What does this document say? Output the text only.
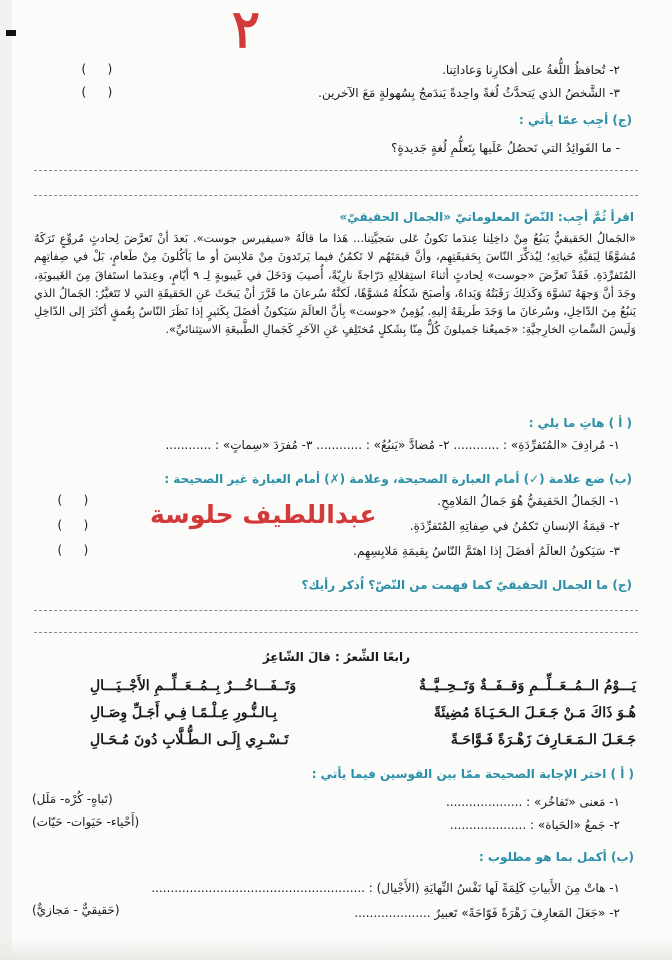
٢
٢- تُحافظُ اللُّغةُ على أفكارِنا وَعاداتِنا.
( )
٣- الشَّخصُ الذي يَتحدَّثُ لُغةً واحِدةً يَندَمجُ بِسُهولةٍ مَعَ الآخرين.
( )
(ج) أجِب عمّا يأتي :
- ما الفَوائِدُ التي نَحصُلُ عَلَيها بِتَعلُّمِ لُغةٍ جَديدةٍ؟
اقرأ ثُمَّ أجِب: النّصّ المعلوماتيّ «الجمال الحقيقيّ»
«الجَمالُ الحَقيقيُّ يَنبُعُ مِنْ داخِلِنا عِندَما نَكونُ عَلى سَجيَّتِنا... هَذا ما قالَهُ «سيفيرس جوست». بَعدَ أنْ تَعرَّضَ لِحادثٍ مُروِّعٍ تَرَكَهُ مُشوَّهًا لِبَقيَّةِ حَياتِهِ؛ لِيُذكِّرَ النّاسَ بِحَقيقَتِهِم، وأنَّ قيمَتَهُم لا تَكمُنُ فيما يَرتَدونَ مِنْ مَلابِسَ أو ما يَأكُلونَ مِنْ طَعامٍ، بَلْ في صِفاتِهِم المُتَفرِّدَةِ. فَقَدْ تَعرَّضَ «جوست» لِحادثٍ أثناءَ استِقلالِهِ دَرّاجةً نارِيّةً، أُصيبَ وَدَخَلَ في غَيبوبةٍ لِـ ٩ أيّامٍ، وعِندَما استَفاقَ مِنَ الغَيبوبَةِ، وجَدَ أنَّ وَجهَهُ تَشوَّهَ وَكَذلِكَ رَقَبَتُهُ وَيَداهُ، وَأصبَحَ شَكلُهُ مُشوَّهًا، لَكنَّهُ سُرعانَ ما قَرَّرَ أنْ يَبحَثَ عَنِ الحَقيقَةِ التي لا تَتَغيَّرُ: الجَمالُ الذي يَنبُعُ مِنَ الدّاخِلِ، وسُرعانَ ما وَجَدَ طَريقَهُ إليهِ. يُؤمِنُ «جوست» بِأنَّ العالَمَ سَيَكونُ أفضَلَ بِكَثيرٍ إذا نَظَرَ النّاسُ بِعُمقٍ أكثَرَ إلى الدّاخِلِ وَلَيسَ السِّماتِ الخارِجيَّةِ: «جَميعُنا جَميلونَ كُلٌّ مِنّا بِشَكلٍ مُختَلِفٍ عَنِ الآخَرِ كَجَمالِ الطَّبيعَةِ الاستِثنائيِّ».
( أ ) هاتِ ما يلي :
١- مُرادِفَ «المُتَفرِّدَةِ» : ............ ٢- مُضادَّ «يَنبُعُ» : ............ ٣- مُفرَدَ «سِماتٍ» : ............
(ب) ضع علامة (✓) أمام العبارة الصحيحة، وعلامة (✗) أمام العبارة غير الصحيحة :
١- الجَمالُ الحَقيقيُّ هُوَ جَمالُ المَلامِحِ.
( )
٢- قيمَةُ الإنسانِ تَكمُنُ في صِفاتِهِ المُتَفرِّدَةِ.
( )
٣- سَيَكونُ العالَمُ أفضَلَ إذا اهتَمَّ النّاسُ بِقيمَةِ مَلابِسِهِم.
( )
عبداللطيف حلوسة
(ج) ما الجمال الحقيقيّ كما فهمت من النّصّ؟ اُذكر رأيك؟
رابعًا الشِّعرُ : قالَ الشّاعِرُ
يَـــوْمُ الــمُــعَــلِّــمِ وَقــفَــةٌ وَتَــحِــيَّــةٌ
وَتَــفَـــاخُـــرٌ بِــمُــعَــلِّــمِ الأَجْــيَـــالِ
هُـوَ ذَاكَ مَـنْ جَـعَـلَ الـحَـيَـاةَ مُضِيئَةً
بِـالـنُّـورِ عِـلْـمًـا فِـي أَجَـلِّ وِصَـالِ
جَـعَـلَ الـمَـعَـارِفَ زَهْـرَةً فَـوَّاحَـةً
تَـسْـرِي إِلَـى الـطُّـلَّابِ دُونَ مُـحَـالِ
( أ ) اختر الإجابة الصحيحة ممّا بين القوسين فيما يأتي :
١- مَعنى «تَفاخُر» : ....................
(تَباهٍ- كُرْه- مَلَل)
٢- جَمعُ «الحَياة» : ....................
(أَحْياء- حَيَوات- حَيّات)
(ب) أكمل بما هو مطلوب :
١- هاتْ مِنَ الأَبياتِ كَلِمَةً لَها نَفْسُ النِّهايَةِ (الأَجْيال) : ........................................................
٢- «جَعَلَ المَعارِفَ زَهْرَةً فَوّاحَةً» تَعبيرٌ ....................
(حَقيقيٌّ - مَجازيٌّ)
